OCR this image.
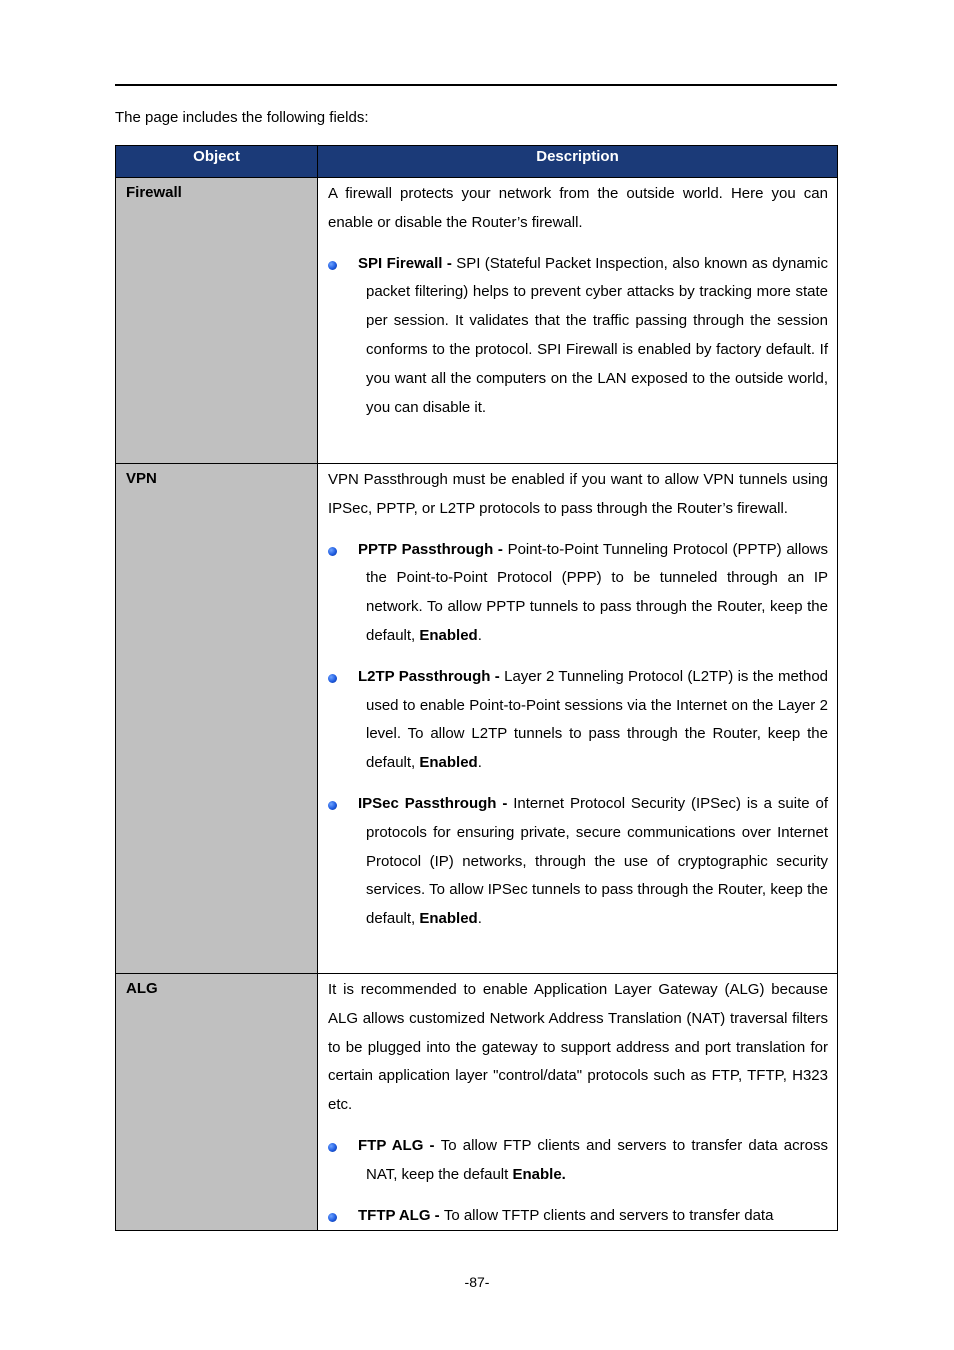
The page includes the following fields:
Object	Description
Firewall	A firewall protects your network from the outside world. Here you can enable or disable the Router’s firewall.

SPI Firewall - SPI (Stateful Packet Inspection, also known as dynamic packet filtering) helps to prevent cyber attacks by tracking more state per session. It validates that the traffic passing through the session conforms to the protocol. SPI Firewall is enabled by factory default. If you want all the computers on the LAN exposed to the outside world, you can disable it.

VPN	VPN Passthrough must be enabled if you want to allow VPN tunnels using IPSec, PPTP, or L2TP protocols to pass through the Router’s firewall.

PPTP Passthrough - Point-to-Point Tunneling Protocol (PPTP) allows the Point-to-Point Protocol (PPP) to be tunneled through an IP network. To allow PPTP tunnels to pass through the Router, keep the default, Enabled.
L2TP Passthrough - Layer 2 Tunneling Protocol (L2TP) is the method used to enable Point-to-Point sessions via the Internet on the Layer 2 level. To allow L2TP tunnels to pass through the Router, keep the default, Enabled.
IPSec Passthrough - Internet Protocol Security (IPSec) is a suite of protocols for ensuring private, secure communications over Internet Protocol (IP) networks, through the use of cryptographic security services. To allow IPSec tunnels to pass through the Router, keep the default, Enabled.

ALG	It is recommended to enable Application Layer Gateway (ALG) because ALG allows customized Network Address Translation (NAT) traversal filters to be plugged into the gateway to support address and port translation for certain application layer "control/data" protocols such as FTP, TFTP, H323 etc.

FTP ALG - To allow FTP clients and servers to transfer data across NAT, keep the default Enable.
TFTP ALG - To allow TFTP clients and servers to transfer data
-87-
